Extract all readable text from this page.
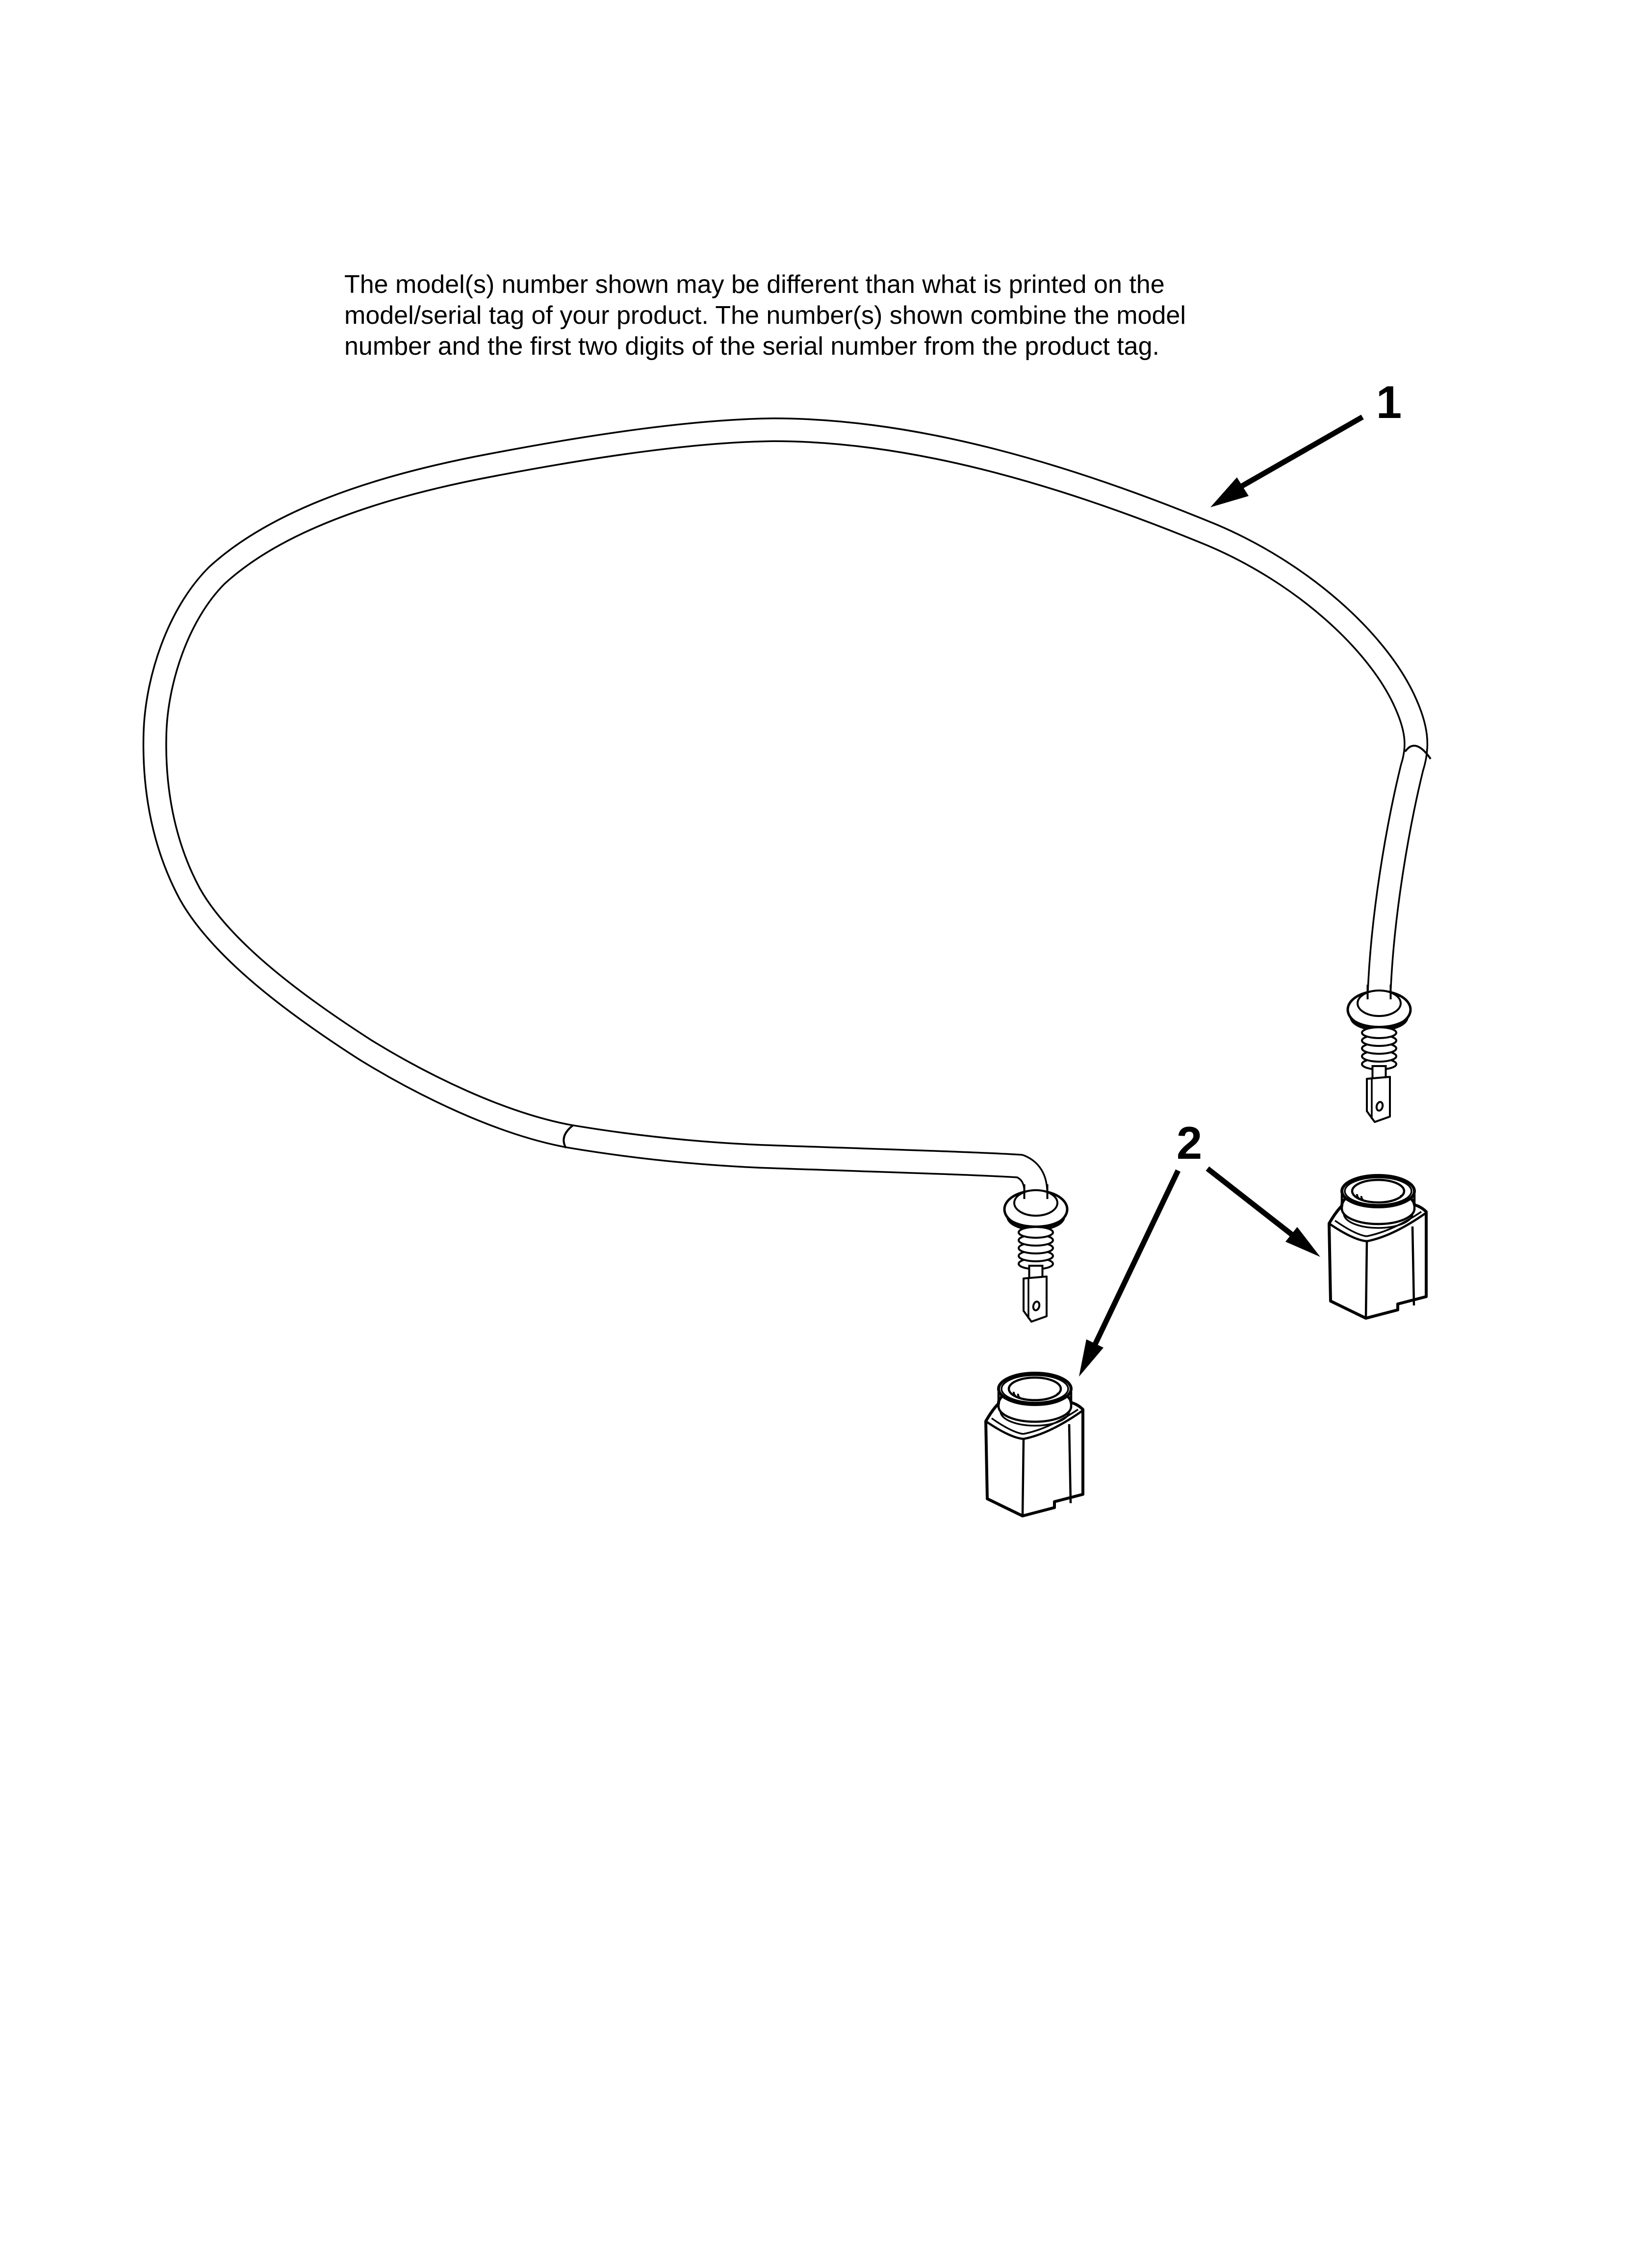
The model(s) number shown may be different than what is printed on the
model/serial tag of your product. The number(s) shown combine the model
number and the first two digits of the serial number from the product tag.
1
2
